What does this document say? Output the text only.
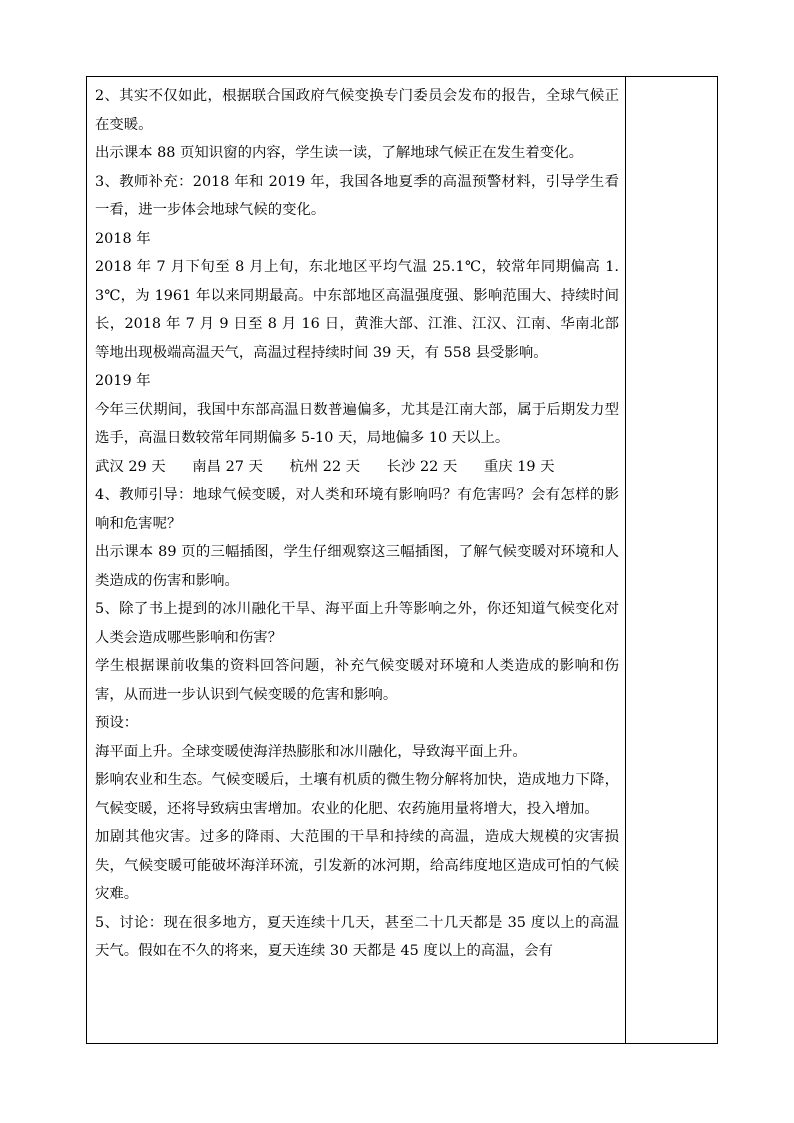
2、其实不仅如此，根据联合国政府气候变换专门委员会发布的报告，全球气候正在变暖。

出示课本 88 页知识窗的内容，学生读一读，了解地球气候正在发生着变化。

3、教师补充：2018 年和 2019 年，我国各地夏季的高温预警材料，引导学生看一看，进一步体会地球气候的变化。

2018 年

2018 年 7 月下旬至 8 月上旬，东北地区平均气温 25.1℃，较常年同期偏高 1.3℃，为 1961 年以来同期最高。中东部地区高温强度强、影响范围大、持续时间长，2018 年 7 月 9 日至 8 月 16 日，黄淮大部、江淮、江汉、江南、华南北部等地出现极端高温天气，高温过程持续时间 39 天，有 558 县受影响。

2019 年

今年三伏期间，我国中东部高温日数普遍偏多，尤其是江南大部，属于后期发力型选手，高温日数较常年同期偏多 5-10 天，局地偏多 10 天以上。

武汉 29 天 南昌 27 天 杭州 22 天 长沙 22 天 重庆 19 天

4、教师引导：地球气候变暖，对人类和环境有影响吗？有危害吗？会有怎样的影响和危害呢？

出示课本 89 页的三幅插图，学生仔细观察这三幅插图，了解气候变暖对环境和人类造成的伤害和影响。

5、除了书上提到的冰川融化干旱、海平面上升等影响之外，你还知道气候变化对人类会造成哪些影响和伤害？

学生根据课前收集的资料回答问题，补充气候变暖对环境和人类造成的影响和伤害，从而进一步认识到气候变暖的危害和影响。

预设：

海平面上升。全球变暖使海洋热膨胀和冰川融化，导致海平面上升。

影响农业和生态。气候变暖后，土壤有机质的微生物分解将加快，造成地力下降，气候变暖，还将导致病虫害增加。农业的化肥、农药施用量将增大，投入增加。

加剧其他灾害。过多的降雨、大范围的干旱和持续的高温，造成大规模的灾害损失，气候变暖可能破坏海洋环流，引发新的冰河期，给高纬度地区造成可怕的气候灾难。

5、讨论：现在很多地方，夏天连续十几天，甚至二十几天都是 35 度以上的高温天气。假如在不久的将来，夏天连续 30 天都是 45 度以上的高温，会有
